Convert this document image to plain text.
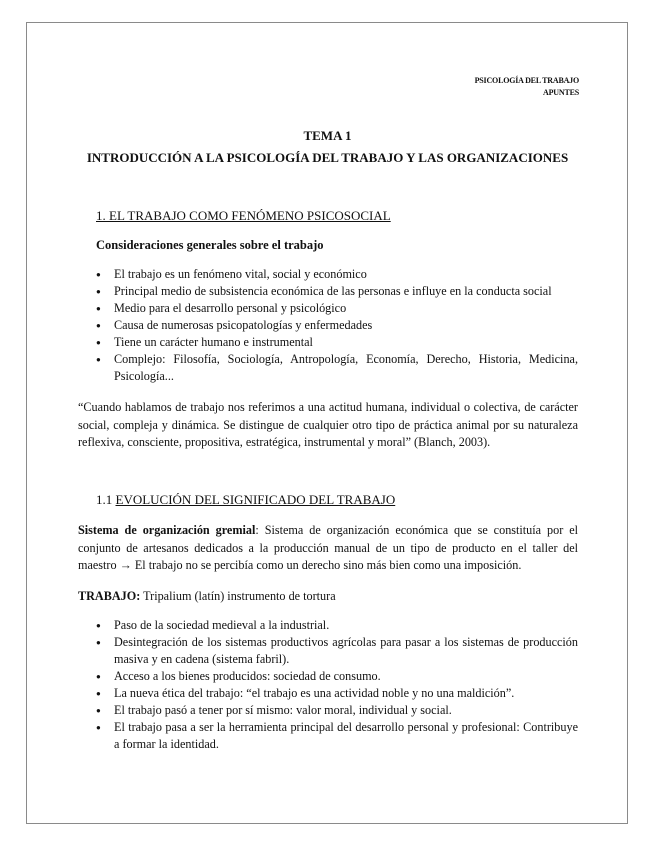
PSICOLOGÍA DEL TRABAJO
APUNTES
TEMA 1
INTRODUCCIÓN A LA PSICOLOGÍA DEL TRABAJO Y LAS ORGANIZACIONES
1. EL TRABAJO COMO FENÓMENO PSICOSOCIAL
Consideraciones generales sobre el trabajo
● El trabajo es un fenómeno vital, social y económico
● Principal medio de subsistencia económica de las personas e influye en la conducta social
● Medio para el desarrollo personal y psicológico
● Causa de numerosas psicopatologías y enfermedades
● Tiene un carácter humano e instrumental
● Complejo: Filosofía, Sociología, Antropología, Economía, Derecho, Historia, Medicina, Psicología...
“Cuando hablamos de trabajo nos referimos a una actitud humana, individual o colectiva, de carácter social, compleja y dinámica. Se distingue de cualquier otro tipo de práctica animal por su naturaleza reflexiva, consciente, propositiva, estratégica, instrumental y moral” (Blanch, 2003).
1.1 EVOLUCIÓN DEL SIGNIFICADO DEL TRABAJO
Sistema de organización gremial: Sistema de organización económica que se constituía por el conjunto de artesanos dedicados a la producción manual de un tipo de producto en el taller del maestro → El trabajo no se percibía como un derecho sino más bien como una imposición.
TRABAJO: Tripalium (latín) instrumento de tortura
● Paso de la sociedad medieval a la industrial.
● Desintegración de los sistemas productivos agrícolas para pasar a los sistemas de producción masiva y en cadena (sistema fabril).
● Acceso a los bienes producidos: sociedad de consumo.
● La nueva ética del trabajo: “el trabajo es una actividad noble y no una maldición”.
● El trabajo pasó a tener por sí mismo: valor moral, individual y social.
● El trabajo pasa a ser la herramienta principal del desarrollo personal y profesional: Contribuye a formar la identidad.
